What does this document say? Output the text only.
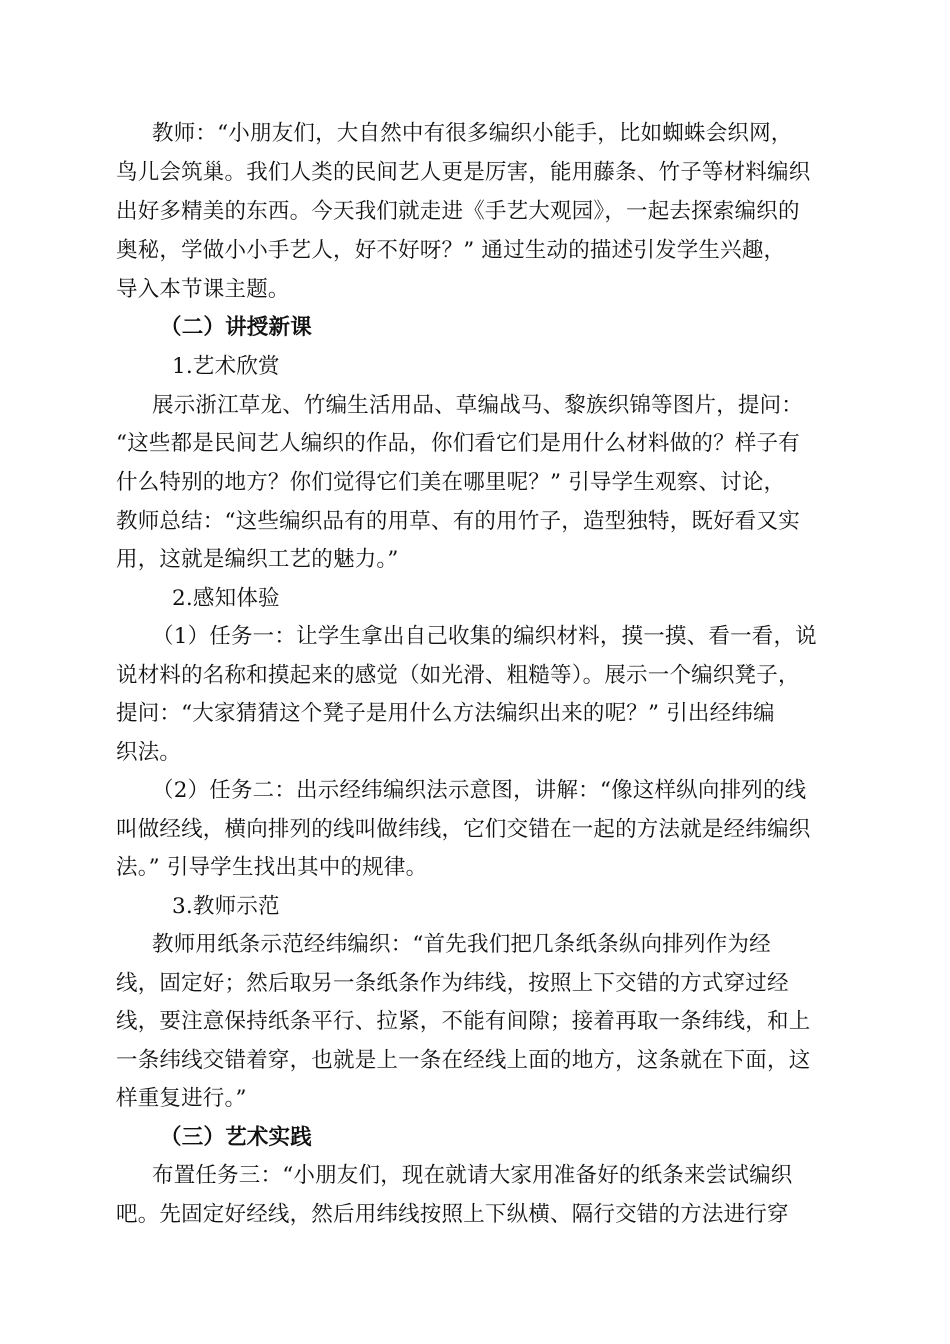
教师：“小朋友们，大自然中有很多编织小能手，比如蜘蛛会织网，
鸟儿会筑巢。我们人类的民间艺人更是厉害，能用藤条、竹子等材料编织
出好多精美的东西。今天我们就走进《手艺大观园》，一起去探索编织的
奥秘，学做小小手艺人，好不好呀？” 通过生动的描述引发学生兴趣，
导入本节课主题。
（二）讲授新课
1.艺术欣赏
展示浙江草龙、竹编生活用品、草编战马、黎族织锦等图片，提问：
“这些都是民间艺人编织的作品，你们看它们是用什么材料做的？样子有
什么特别的地方？你们觉得它们美在哪里呢？” 引导学生观察、讨论，
教师总结：“这些编织品有的用草、有的用竹子，造型独特，既好看又实
用，这就是编织工艺的魅力。”
2.感知体验
（1）任务一：让学生拿出自己收集的编织材料，摸一摸、看一看，说
说材料的名称和摸起来的感觉（如光滑、粗糙等）。展示一个编织凳子，
提问：“大家猜猜这个凳子是用什么方法编织出来的呢？” 引出经纬编
织法。
（2）任务二：出示经纬编织法示意图，讲解：“像这样纵向排列的线
叫做经线，横向排列的线叫做纬线，它们交错在一起的方法就是经纬编织
法。” 引导学生找出其中的规律。
3.教师示范
教师用纸条示范经纬编织：“首先我们把几条纸条纵向排列作为经
线，固定好；然后取另一条纸条作为纬线，按照上下交错的方式穿过经
线，要注意保持纸条平行、拉紧，不能有间隙；接着再取一条纬线，和上
一条纬线交错着穿，也就是上一条在经线上面的地方，这条就在下面，这
样重复进行。”
（三）艺术实践
布置任务三：“小朋友们，现在就请大家用准备好的纸条来尝试编织
吧。先固定好经线，然后用纬线按照上下纵横、隔行交错的方法进行穿
